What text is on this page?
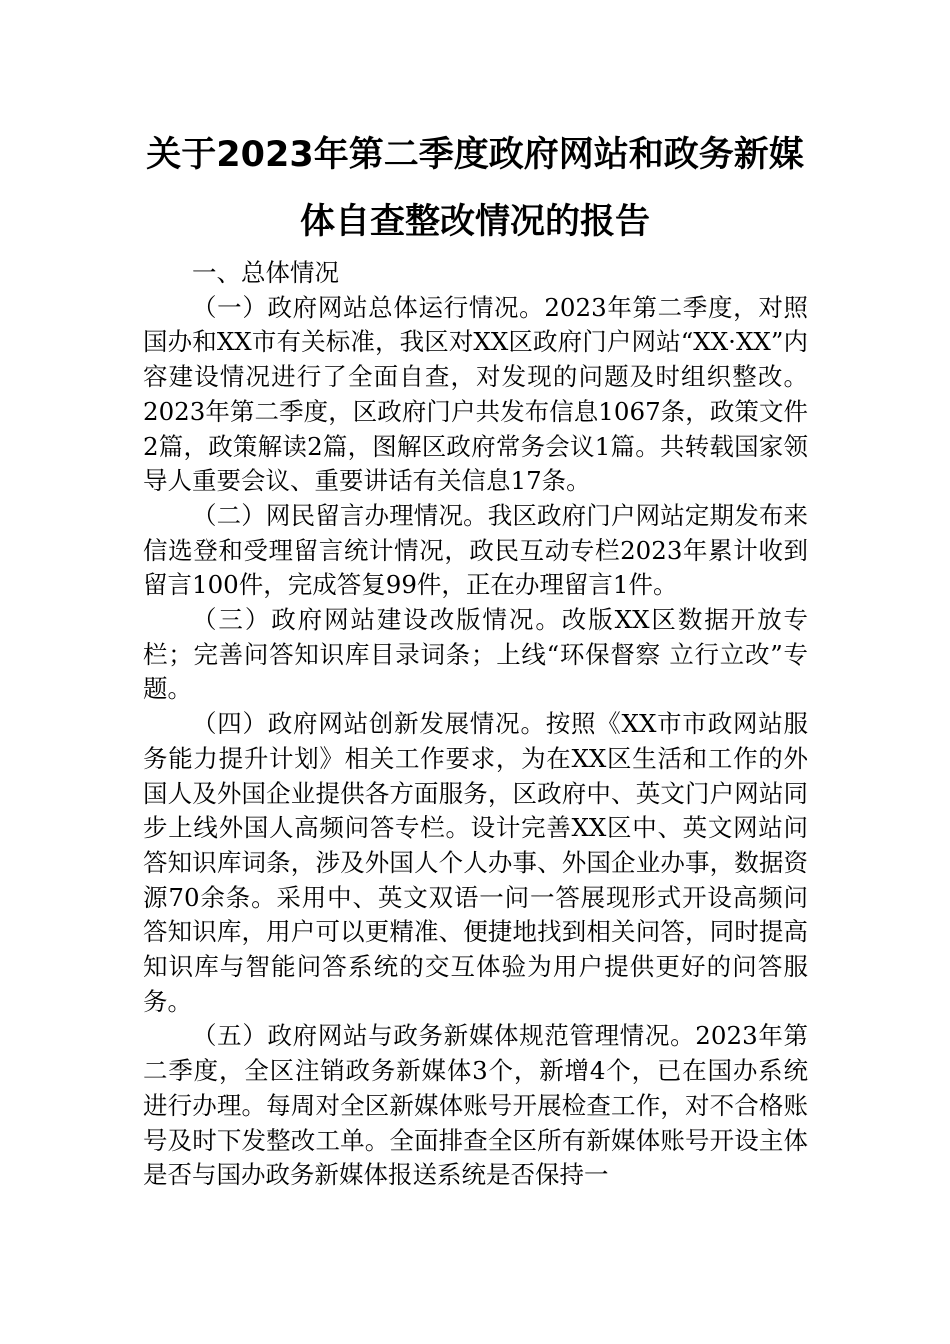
关于2023年第二季度政府网站和政务新媒
体自查整改情况的报告

一、总体情况

（一）政府网站总体运行情况。2023年第二季度，对照国办和XX市有关标准，我区对XX区政府门户网站“XX·XX”内容建设情况进行了全面自查，对发现的问题及时组织整改。2023年第二季度，区政府门户共发布信息1067条，政策文件2篇，政策解读2篇，图解区政府常务会议1篇。共转载国家领导人重要会议、重要讲话有关信息17条。

（二）网民留言办理情况。我区政府门户网站定期发布来信选登和受理留言统计情况，政民互动专栏2023年累计收到留言100件，完成答复99件，正在办理留言1件。

（三）政府网站建设改版情况。改版XX区数据开放专栏；完善问答知识库目录词条；上线“环保督察 立行立改”专题。

（四）政府网站创新发展情况。按照《XX市市政网站服务能力提升计划》相关工作要求，为在XX区生活和工作的外国人及外国企业提供各方面服务，区政府中、英文门户网站同步上线外国人高频问答专栏。设计完善XX区中、英文网站问答知识库词条，涉及外国人个人办事、外国企业办事，数据资源70余条。采用中、英文双语一问一答展现形式开设高频问答知识库，用户可以更精准、便捷地找到相关问答，同时提高知识库与智能问答系统的交互体验为用户提供更好的问答服务。

（五）政府网站与政务新媒体规范管理情况。2023年第二季度，全区注销政务新媒体3个，新增4个，已在国办系统进行办理。每周对全区新媒体账号开展检查工作，对不合格账号及时下发整改工单。全面排查全区所有新媒体账号开设主体是否与国办政务新媒体报送系统是否保持一
